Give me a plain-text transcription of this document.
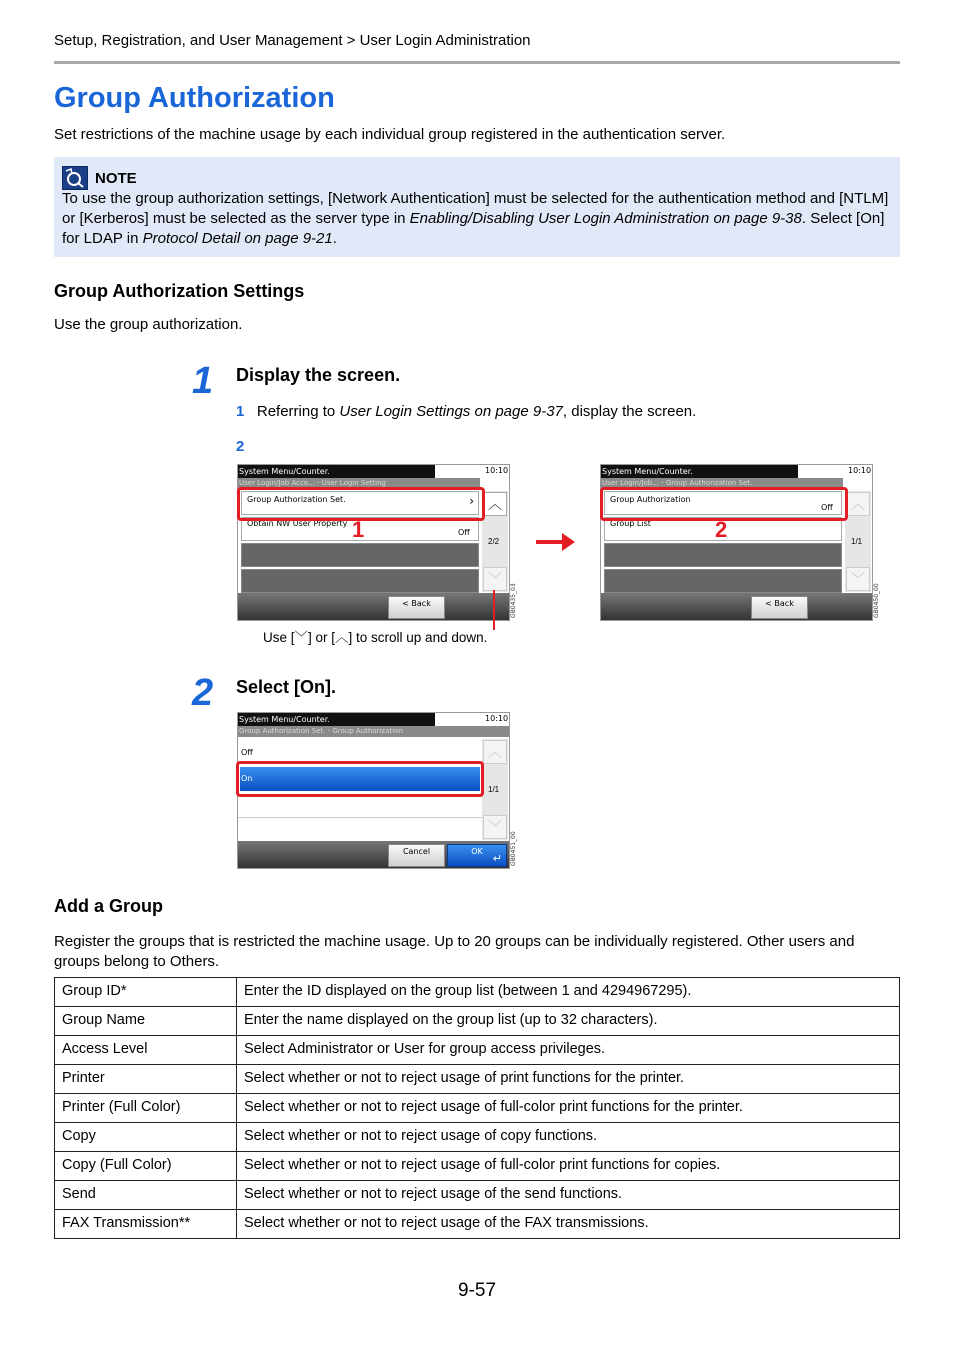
Setup, Registration, and User Management > User Login Administration
Group Authorization
Set restrictions of the machine usage by each individual group registered in the authentication server.
NOTE
To use the group authorization settings, [Network Authentication] must be selected for the authentication method and [NTLM] or [Kerberos] must be selected as the server type in Enabling/Disabling User Login Administration on page 9-38. Select [On] for LDAP in Protocol Detail on page 9-21.
Group Authorization Settings
Use the group authorization.
1 Display the screen.
1 Referring to User Login Settings on page 9-37, display the screen.
2
System Menu/Counter.	10:10
User Login/Job Acco... - User Login Setting
Group Authorization Set.	›
Obtain NW User Property
Off
︿
2/2
﹀
< Back	GB0435_03
1
Use [﹀] or [︿] to scroll up and down.
System Menu/Counter.	10:10
User Login/Job... - Group Authorization Set.
Group Authorization
Off
Group List
︿
1/1
﹀
< Back	GB0450_00
2
2 Select [On].
System Menu/Counter.	10:10
Group Authorization Set. - Group Authorization
Off
On
︿
1/1
﹀
Cancel	OK
↵ GB0451_00
Add a Group
Register the groups that is restricted the machine usage. Up to 20 groups can be individually registered. Other users and groups belong to Others.
Group ID*	Enter the ID displayed on the group list (between 1 and 4294967295).
Group Name	Enter the name displayed on the group list (up to 32 characters).
Access Level	Select Administrator or User for group access privileges.
Printer	Select whether or not to reject usage of print functions for the printer.
Printer (Full Color)	Select whether or not to reject usage of full-color print functions for the printer.
Copy	Select whether or not to reject usage of copy functions.
Copy (Full Color)	Select whether or not to reject usage of full-color print functions for copies.
Send	Select whether or not to reject usage of the send functions.
FAX Transmission**	Select whether or not to reject usage of the FAX transmissions.
9-57
